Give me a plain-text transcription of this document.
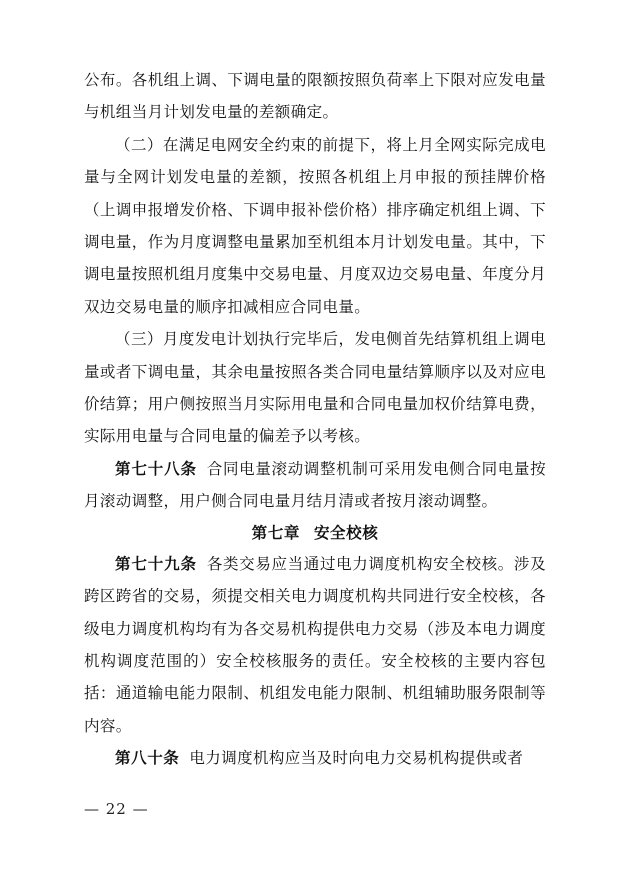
公布。各机组上调、下调电量的限额按照负荷率上下限对应发电量与机组当月计划发电量的差额确定。

（二）在满足电网安全约束的前提下，将上月全网实际完成电量与全网计划发电量的差额，按照各机组上月申报的预挂牌价格（上调申报增发价格、下调申报补偿价格）排序确定机组上调、下调电量，作为月度调整电量累加至机组本月计划发电量。其中，下调电量按照机组月度集中交易电量、月度双边交易电量、年度分月双边交易电量的顺序扣减相应合同电量。

（三）月度发电计划执行完毕后，发电侧首先结算机组上调电量或者下调电量，其余电量按照各类合同电量结算顺序以及对应电价结算；用户侧按照当月实际用电量和合同电量加权价结算电费，实际用电量与合同电量的偏差予以考核。

第七十八条 合同电量滚动调整机制可采用发电侧合同电量按月滚动调整，用户侧合同电量月结月清或者按月滚动调整。

第七章 安全校核

第七十九条 各类交易应当通过电力调度机构安全校核。涉及跨区跨省的交易，须提交相关电力调度机构共同进行安全校核，各级电力调度机构均有为各交易机构提供电力交易（涉及本电力调度机构调度范围的）安全校核服务的责任。安全校核的主要内容包括：通道输电能力限制、机组发电能力限制、机组辅助服务限制等内容。

第八十条 电力调度机构应当及时向电力交易机构提供或者

— 22 —
